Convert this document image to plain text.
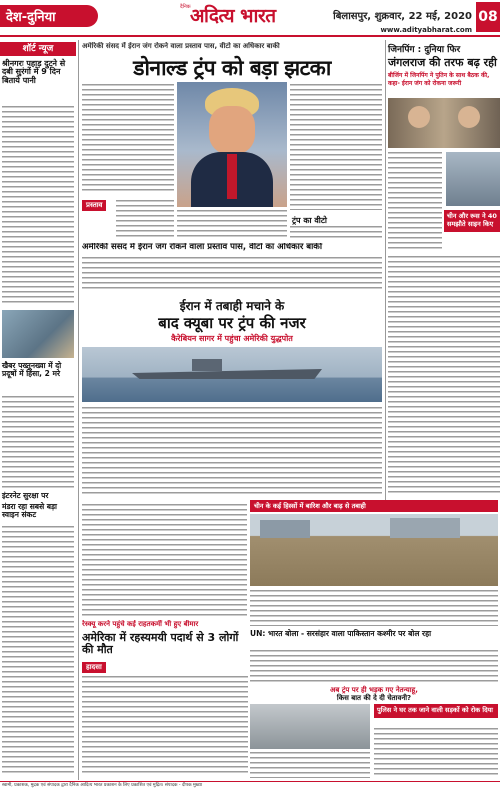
देश-दुनिया
दैनिक अदित्य भारत	बिलासपुर, शुक्रवार, 22 मई, 2020 08
www.adityabharat.com
शॉर्ट न्यूज
श्रीनगरः पहाड़ दुटने से दबी सुरंगों में 9 दिन बिताये पानी
खैबर पख्तूनख्वा में दो प्रदूषों में हिंसा, 2 मरे
इंटरनेट सुरक्षा पर
मंडरा रहा सबसे बड़ा स्वाइन संकट
अमेरिकी संसद में ईरान जंग रोकने वाला प्रस्ताव पास, वीटो का अधिकार बाकी
डोनाल्ड ट्रंप को बड़ा झटका
प्रस्ताव
ट्रंप का वीटो
अमेरिकी संसद में ईरान जंग रोकने वाला प्रस्ताव पास, वीटो का अधिकार बाकी
ईरान में तबाही मचाने के
बाद क्यूबा पर ट्रंप की नजर
कैरेबियन सागर में पहुंचा अमेरिकी युद्धपोत
चीन के कई हिस्सों में बारिश और बाढ़ से तबाही
UN: भारत बोला - सरसंहार वाला पाकिस्तान कश्मीर पर बोल रहा
जिनपिंग : दुनिया फिर
जंगलराज की तरफ बढ़ रही
बीजिंग में जिनपिंग ने पुतिन के साथ बैठक की, कहा- ईरान जंग को रोकना जरूरी
चीन और रूस ने 40 समझौते साइन किए
अब ट्रंप पर ही भड़क गए नेतन्याहू,
किस बात की दे दी चेतावनी?
रेस्क्यू करने पहुंचे कई राहतकर्मी भी हुए बीमार
अमेरिका में रहस्यमयी पदार्थ से 3 लोगों की मौत
हादसा
पुलिस ने घर तक जाने वाली सड़कों को रोक दिया
स्वामी, प्रकाशक, मुद्रक एवं संपादक द्वारा दैनिक आदित्य भारत प्रकाशन के लिए प्रकाशित एवं मुद्रित। संपादक - दीपक मुख्या
